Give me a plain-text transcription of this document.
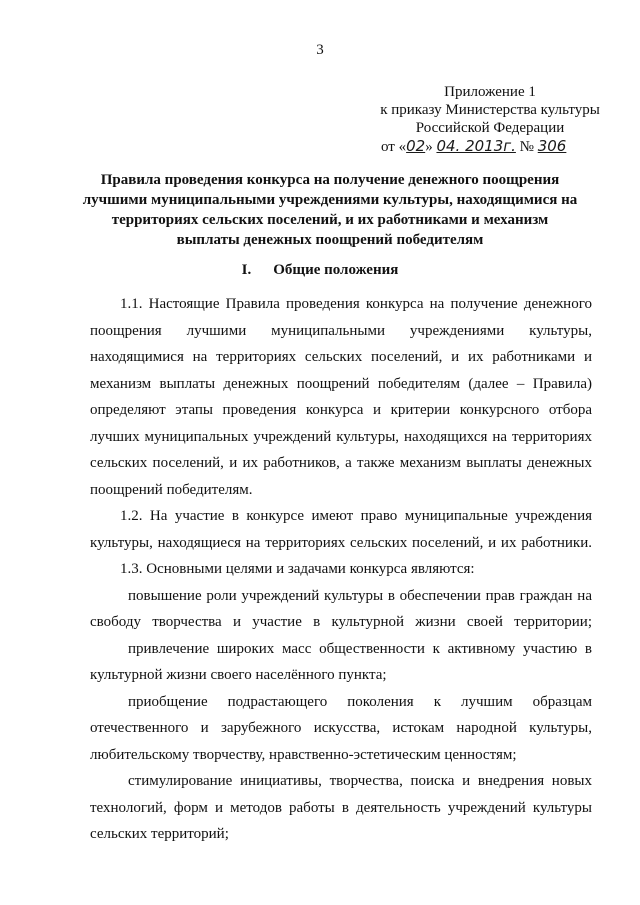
3
Приложение 1
к приказу Министерства культуры
Российской Федерации
от «02» 04. 2013г. № 306
Правила проведения конкурса на получение денежного поощрения
лучшими муниципальными учреждениями культуры, находящимися на
территориях сельских поселений, и их работниками и механизм
выплаты денежных поощрений победителям
I. Общие положения
1.1. Настоящие Правила проведения конкурса на получение денежного
поощрения лучшими муниципальными учреждениями культуры,
находящимися на территориях сельских поселений, и их работниками и
механизм выплаты денежных поощрений победителям (далее – Правила)
определяют этапы проведения конкурса и критерии конкурсного отбора
лучших муниципальных учреждений культуры, находящихся на территориях
сельских поселений, и их работников, а также механизм выплаты денежных
поощрений победителям.
1.2. На участие в конкурсе имеют право муниципальные учреждения
культуры, находящиеся на территориях сельских поселений, и их работники.
1.3. Основными целями и задачами конкурса являются:
повышение роли учреждений культуры в обеспечении прав граждан на
свободу творчества и участие в культурной жизни своей территории;
привлечение широких масс общественности к активному участию в
культурной жизни своего населённого пункта;
приобщение подрастающего поколения к лучшим образцам
отечественного и зарубежного искусства, истокам народной культуры,
любительскому творчеству, нравственно-эстетическим ценностям;
стимулирование инициативы, творчества, поиска и внедрения новых
технологий, форм и методов работы в деятельность учреждений культуры
сельских территорий;
